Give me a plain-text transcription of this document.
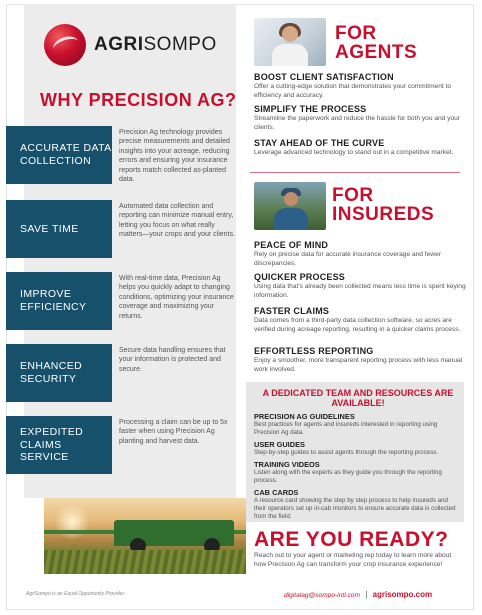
AGRISOMPO
WHY PRECISION AG?
ACCURATE DATA COLLECTION
Precision Ag technology provides precise measurements and detailed insights into your acreage, reducing errors and ensuring your insurance reports match collected as-planted data.
SAVE TIME
Automated data collection and reporting can minimize manual entry, letting you focus on what really matters—your crops and your clients.
IMPROVE EFFICIENCY
With real-time data, Precision Ag helps you quickly adapt to changing conditions, optimizing your insurance coverage and maximizing your returns.
ENHANCED SECURITY
Secure data handling ensures that your information is protected and secure.
EXPEDITED CLAIMS SERVICE
Processing a claim can be up to 5x faster when using Precision Ag planting and harvest data.
FOR
AGENTS
BOOST CLIENT SATISFACTION
Offer a cutting-edge solution that demonstrates your commitment to efficiency and accuracy.
SIMPLIFY THE PROCESS
Streamline the paperwork and reduce the hassle for both you and your clients.
STAY AHEAD OF THE CURVE
Leverage advanced technology to stand out in a competitive market.
FOR
INSUREDS
PEACE OF MIND
Rely on precise data for accurate insurance coverage and fewer discrepancies.
QUICKER PROCESS
Using data that's already been collected means less time is spent keying information.
FASTER CLAIMS
Data comes from a third-party data collection software, so acres are verified during acreage reporting, resulting in a quicker claims process.
EFFORTLESS REPORTING
Enjoy a smoother, more transparent reporting process with less manual work involved.
A DEDICATED TEAM AND RESOURCES ARE AVAILABLE!
PRECISION AG GUIDELINES
Best practices for agents and insureds interested in reporting using Precision Ag data.
USER GUIDES
Step-by-step guides to assist agents through the reporting process.
TRAINING VIDEOS
Listen along with the experts as they guide you through the reporting process.
CAB CARDS
A resource card showing the step by step process to help insureds and their operators set up in-cab monitors to ensure accurate data is collected from the field.
ARE YOU READY?
Reach out to your agent or marketing rep today to learn more about how Precision Ag can transform your crop insurance experience!
digitalag@sompo-intl.com | agrisompo.com
AgriSompo is an Equal Opportunity Provider.
